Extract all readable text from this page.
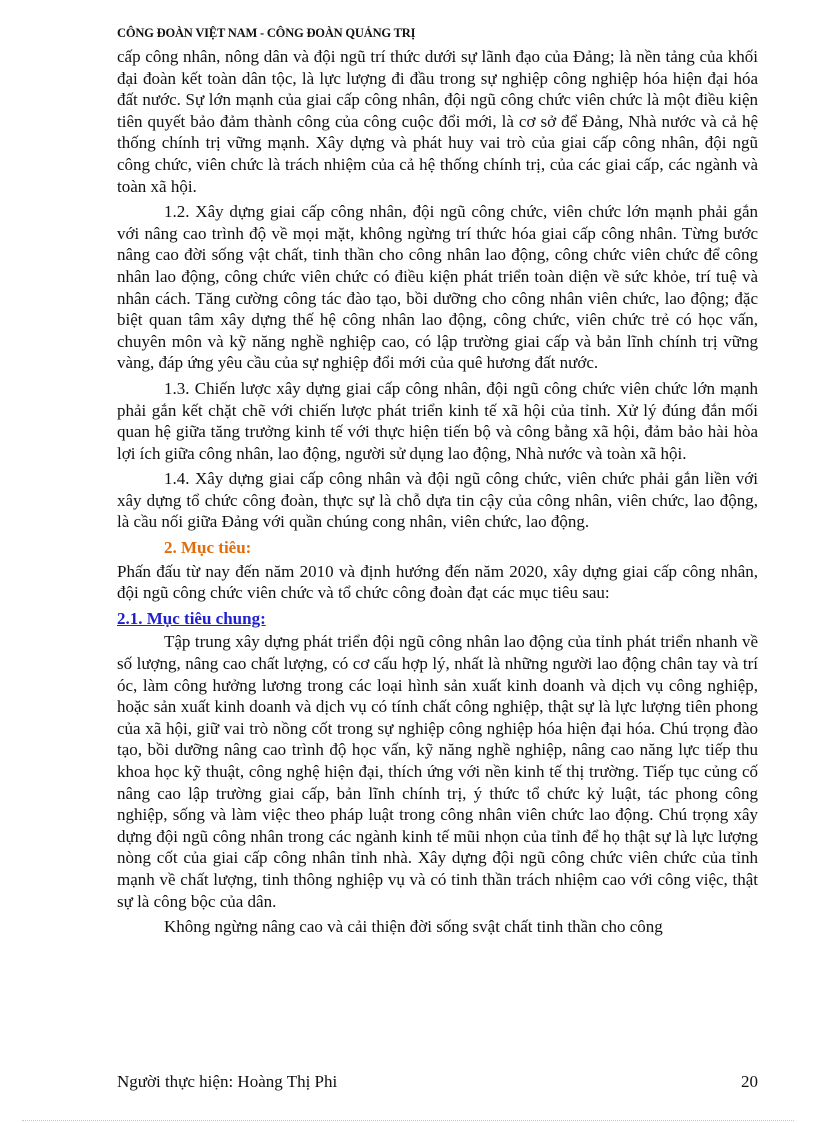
CÔNG ĐOÀN VIỆT NAM - CÔNG ĐOÀN QUẢNG TRỊ

cấp công nhân, nông dân và đội ngũ trí thức dưới sự lãnh đạo của Đảng; là nền tảng của khối đại đoàn kết toàn dân tộc, là lực lượng đi đầu trong sự nghiệp công nghiệp hóa hiện đại hóa đất nước. Sự lớn mạnh của giai cấp công nhân, đội ngũ công chức viên chức là một điều kiện tiên quyết bảo đảm thành công của công cuộc đổi mới, là cơ sở để Đảng, Nhà nước và cả hệ thống chính trị vững mạnh. Xây dựng và phát huy vai trò của giai cấp công nhân, đội ngũ công chức, viên chức là trách nhiệm của cả hệ thống chính trị, của các giai cấp, các ngành và toàn xã hội.

1.2. Xây dựng giai cấp công nhân, đội ngũ công chức, viên chức lớn mạnh phải gắn với nâng cao trình độ về mọi mặt, không ngừng trí thức hóa giai cấp công nhân. Từng bước nâng cao đời sống vật chất, tinh thần cho công nhân lao động, công chức viên chức để công nhân lao động, công chức viên chức có điều kiện phát triển toàn diện về sức khỏe, trí tuệ và nhân cách. Tăng cường công tác đào tạo, bồi dưỡng cho công nhân viên chức, lao động; đặc biệt quan tâm xây dựng thế hệ công nhân lao động, công chức, viên chức trẻ có học vấn, chuyên môn và kỹ năng nghề nghiệp cao, có lập trường giai cấp và bản lĩnh chính trị vững vàng, đáp ứng yêu cầu của sự nghiệp đổi mới của quê hương đất nước.

1.3. Chiến lược xây dựng giai cấp công nhân, đội ngũ công chức viên chức lớn mạnh phải gắn kết chặt chẽ với chiến lược phát triển kinh tế xã hội của tỉnh. Xử lý đúng đắn mối quan hệ giữa tăng trưởng kinh tế với thực hiện tiến bộ và công bằng xã hội, đảm bảo hài hòa lợi ích giữa công nhân, lao động, người sử dụng lao động, Nhà nước và toàn xã hội.

1.4. Xây dựng giai cấp công nhân và đội ngũ công chức, viên chức phải gắn liền với xây dựng tổ chức công đoàn, thực sự là chỗ dựa tin cậy của công nhân, viên chức, lao động, là cầu nối giữa Đảng với quần chúng cong nhân, viên chức, lao động.

2. Mục tiêu:

Phấn đấu từ nay đến năm 2010 và định hướng đến năm 2020, xây dựng giai cấp công nhân, đội ngũ công chức viên chức và tổ chức công đoàn đạt các mục tiêu sau:

2.1. Mục tiêu chung:

Tập trung xây dựng phát triển đội ngũ công nhân lao động của tỉnh phát triển nhanh về số lượng, nâng cao chất lượng, có cơ cấu hợp lý, nhất là những người lao động chân tay và trí óc, làm công hưởng lương trong các loại hình sản xuất kinh doanh và dịch vụ công nghiệp, hoặc sản xuất kinh doanh và dịch vụ có tính chất công nghiệp, thật sự là lực lượng tiên phong của xã hội, giữ vai trò nồng cốt trong sự nghiệp công nghiệp hóa hiện đại hóa. Chú trọng đào tạo, bồi dưỡng nâng cao trình độ học vấn, kỹ năng nghề nghiệp, nâng cao năng lực tiếp thu khoa học kỹ thuật, công nghệ hiện đại, thích ứng với nền kinh tế thị trường. Tiếp tục củng cố nâng cao lập trường giai cấp, bản lĩnh chính trị, ý thức tổ chức kỷ luật, tác phong công nghiệp, sống và làm việc theo pháp luật trong công nhân viên chức lao động. Chú trọng xây dựng đội ngũ công nhân trong các ngành kinh tế mũi nhọn của tỉnh để họ thật sự là lực lượng nòng cốt của giai cấp công nhân tỉnh nhà. Xây dựng đội ngũ công chức viên chức của tỉnh mạnh về chất lượng, tinh thông nghiệp vụ và có tinh thần trách nhiệm cao với công việc, thật sự là công bộc của dân.

Không ngừng nâng cao và cải thiện đời sống svật chất tinh thần cho công

Người thực hiện: Hoàng Thị Phi	20
